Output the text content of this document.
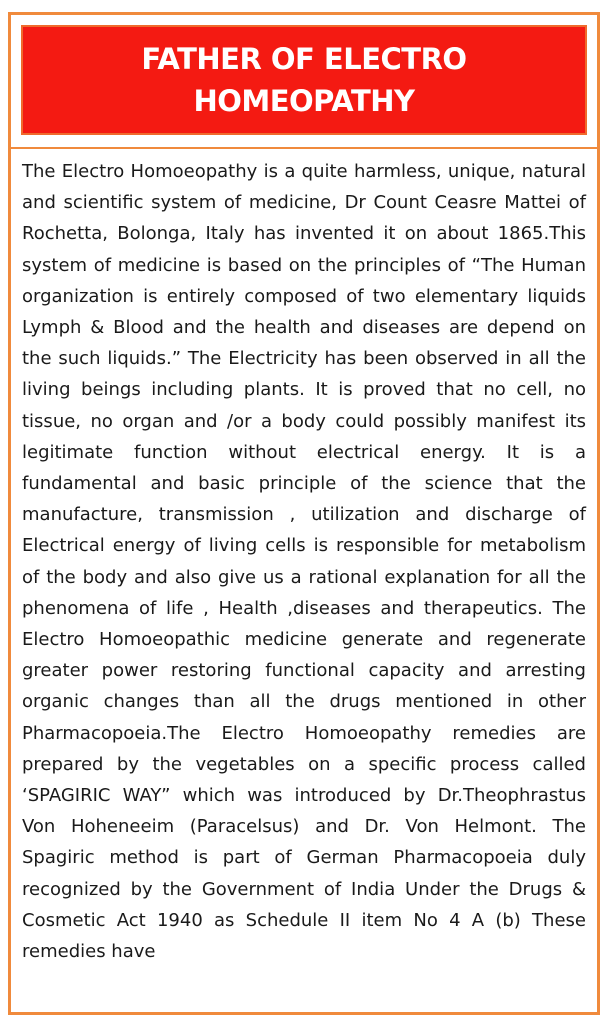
FATHER OF ELECTRO
HOMEOPATHY

The Electro Homoeopathy is a quite harmless, unique, natural and scientific system of medicine, Dr Count Ceasre Mattei of Rochetta, Bolonga, Italy has invented it on about 1865.This system of medicine is based on the principles of “The Human organization is entirely composed of two elementary liquids Lymph & Blood and the health and diseases are depend on the such liquids.” The Electricity has been observed in all the living beings including plants. It is proved that no cell, no tissue, no organ and /or a body could possibly manifest its legitimate function without electrical energy. It is a fundamental and basic principle of the science that the manufacture, transmission , utilization and discharge of Electrical energy of living cells is responsible for metabolism of the body and also give us a rational explanation for all the phenomena of life , Health ,diseases and therapeutics. The Electro Homoeopathic medicine generate and regenerate greater power restoring functional capacity and arresting organic changes than all the drugs mentioned in other Pharmacopoeia.The Electro Homoeopathy remedies are prepared by the vegetables on a specific process called ‘SPAGIRIC WAY” which was introduced by Dr.Theophrastus Von Hoheneeim (Paracelsus) and Dr. Von Helmont. The Spagiric method is part of German Pharmacopoeia duly recognized by the Government of India Under the Drugs & Cosmetic Act 1940 as Schedule II item No 4 A (b) These remedies have
